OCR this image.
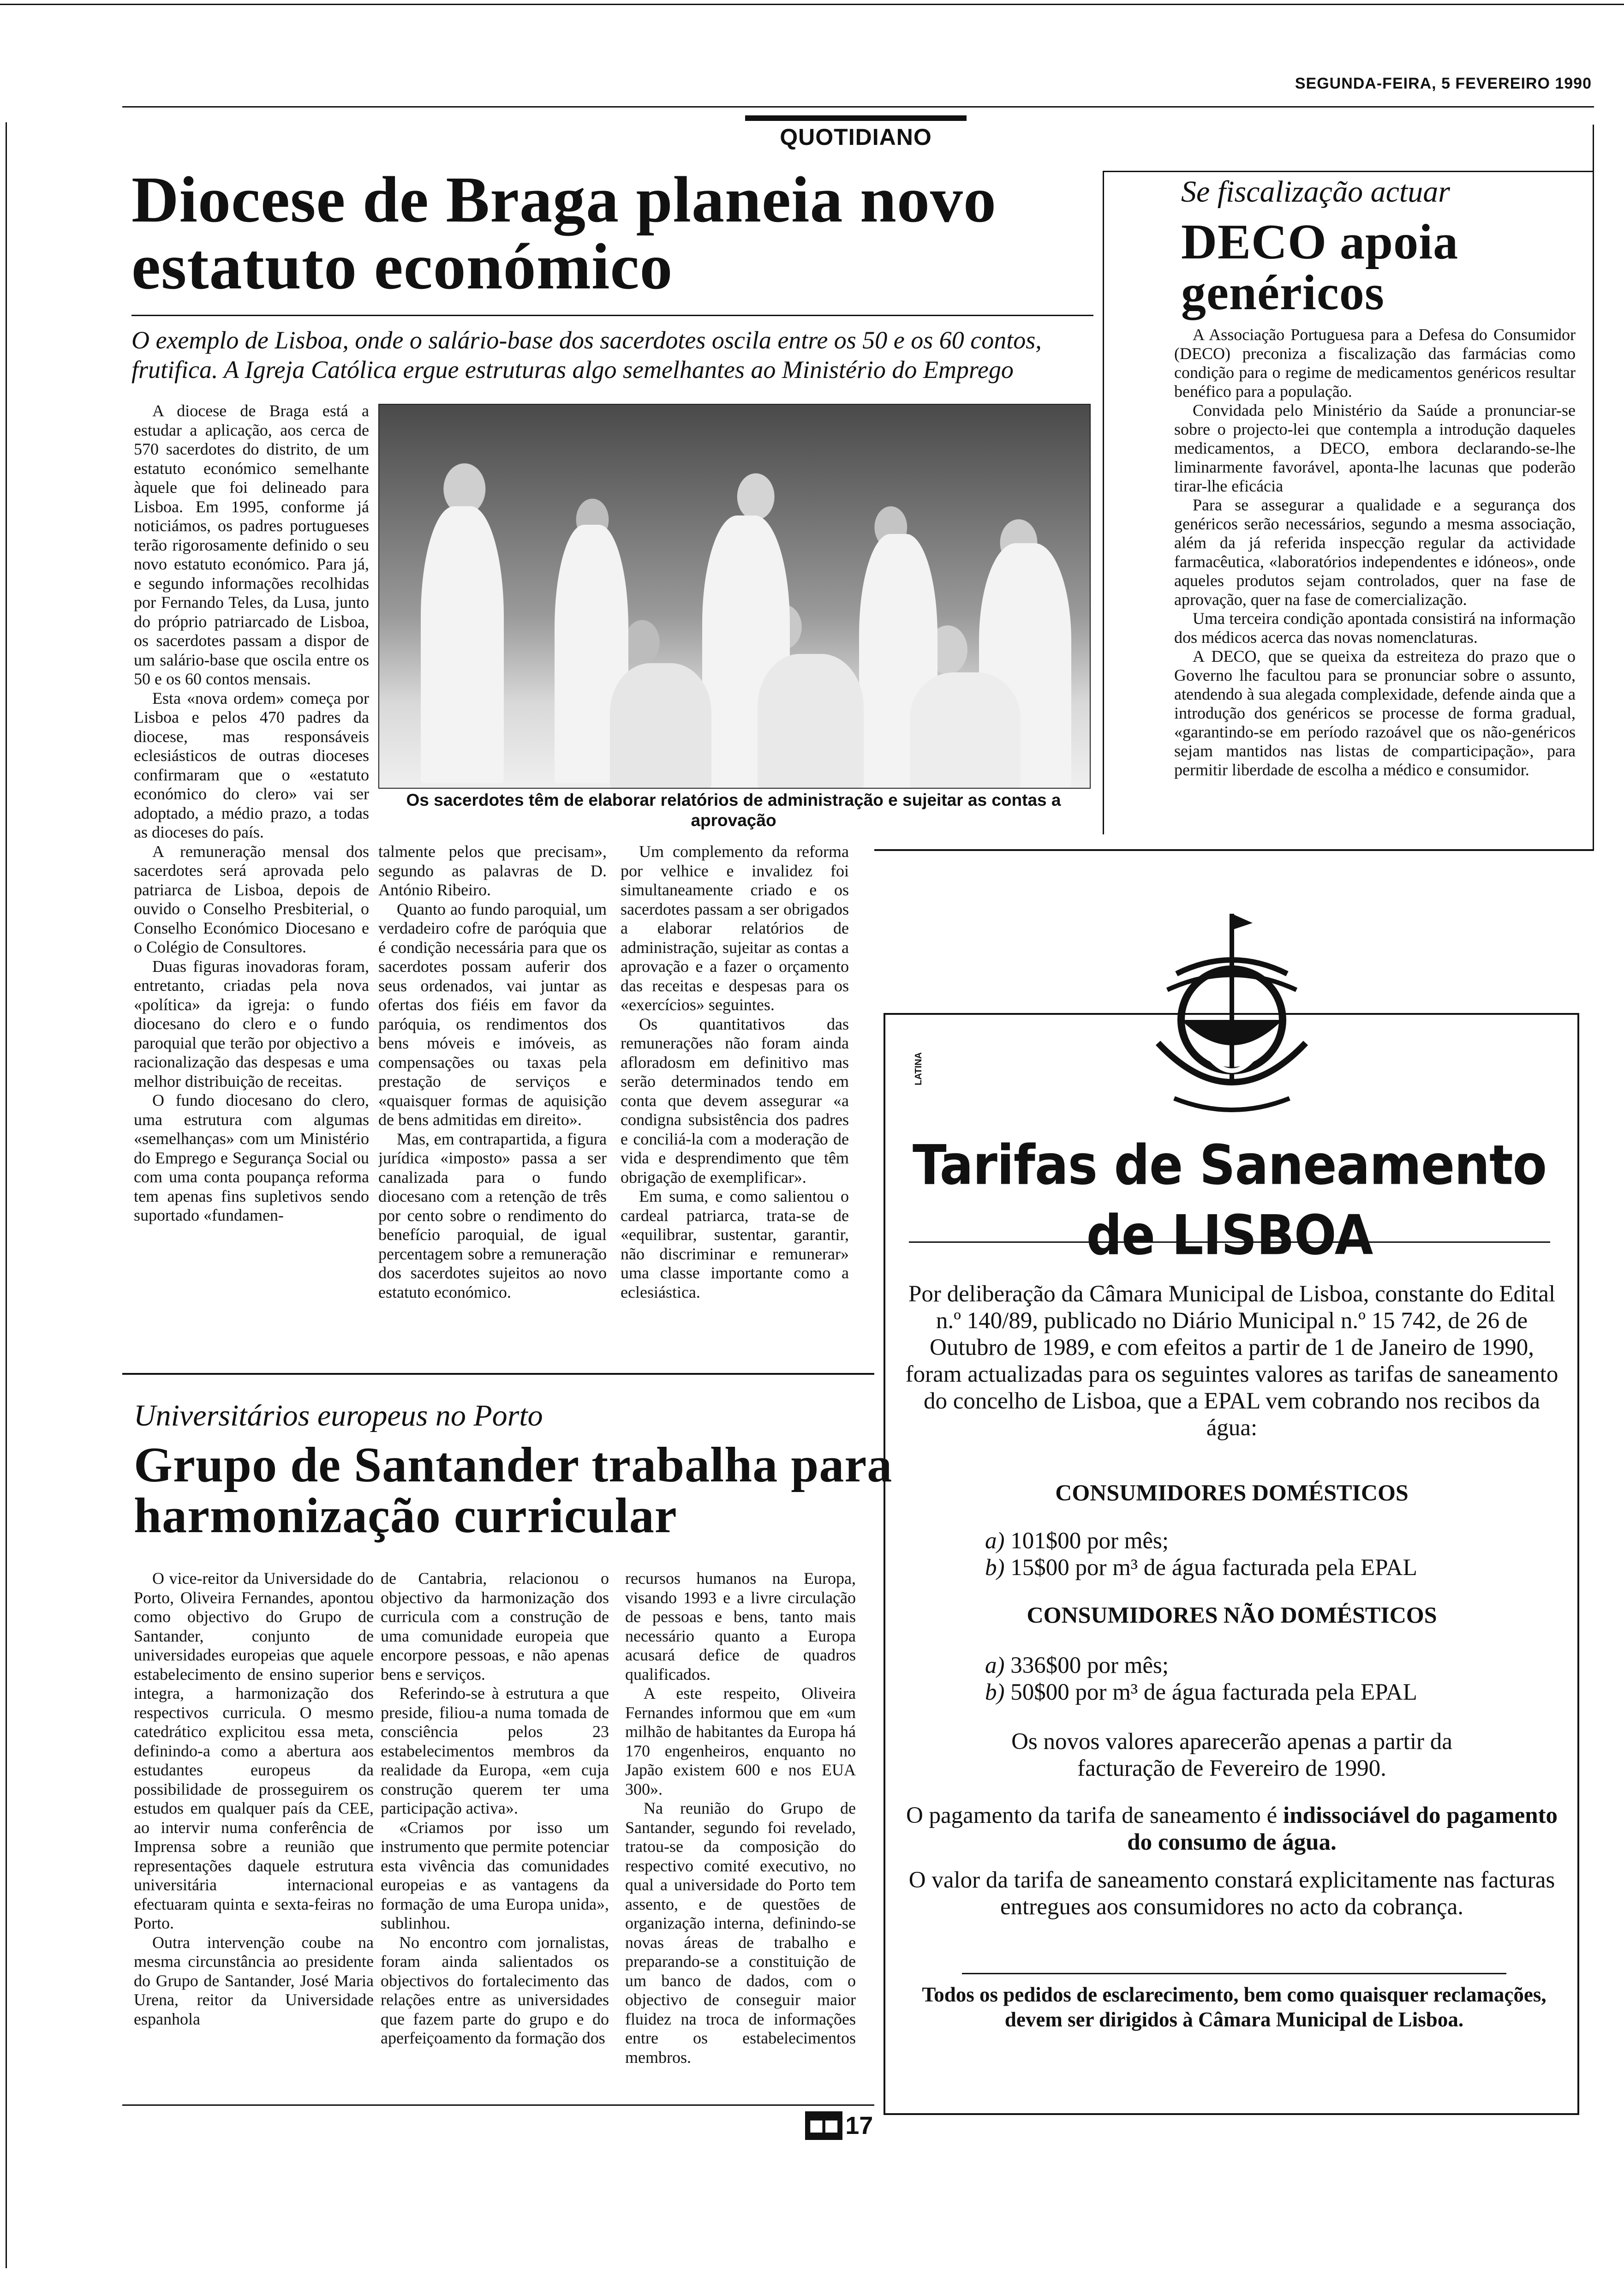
SEGUNDA-FEIRA, 5 FEVEREIRO 1990
QUOTIDIANO
Diocese de Braga planeia novo estatuto económico
O exemplo de Lisboa, onde o salário-base dos sacerdotes oscila entre os 50 e os 60 contos, frutifica. A Igreja Católica ergue estruturas algo semelhantes ao Ministério do Emprego

A diocese de Braga está a estudar a aplicação, aos cerca de 570 sacerdotes do distrito, de um estatuto económico semelhante àquele que foi delineado para Lisboa. Em 1995, conforme já noticiámos, os padres portugueses terão rigorosamente definido o seu novo estatuto económico. Para já, e segundo informações recolhidas por Fernando Teles, da Lusa, junto do próprio patriarcado de Lisboa, os sacerdotes passam a dispor de um salário-base que oscila entre os 50 e os 60 contos mensais.

Esta «nova ordem» começa por Lisboa e pelos 470 padres da diocese, mas responsáveis eclesiásticos de outras dioceses confirmaram que o «estatuto económico do clero» vai ser adoptado, a médio prazo, a todas as dioceses do país.

A remuneração mensal dos sacerdotes será aprovada pelo patriarca de Lisboa, depois de ouvido o Conselho Presbiterial, o Conselho Económico Diocesano e o Colégio de Consultores.

Duas figuras inovadoras foram, entretanto, criadas pela nova «política» da igreja: o fundo diocesano do clero e o fundo paroquial que terão por objectivo a racionalização das despesas e uma melhor distribuição de receitas.

O fundo diocesano do clero, uma estrutura com algumas «semelhanças» com um Ministério do Emprego e Segurança Social ou com uma conta poupança reforma tem apenas fins supletivos sendo suportado «fundamen-

Os sacerdotes têm de elaborar relatórios de administração e sujeitar as contas a aprovação

talmente pelos que precisam», segundo as palavras de D. António Ribeiro.

Quanto ao fundo paroquial, um verdadeiro cofre de paróquia que é condição necessária para que os sacerdotes possam auferir dos seus ordenados, vai juntar as ofertas dos fiéis em favor da paróquia, os rendimentos dos bens móveis e imóveis, as compensações ou taxas pela prestação de serviços e «quaisquer formas de aquisição de bens admitidas em direito».

Mas, em contrapartida, a figura jurídica «imposto» passa a ser canalizada para o fundo diocesano com a retenção de três por cento sobre o rendimento do benefício paroquial, de igual percentagem sobre a remuneração dos sacerdotes sujeitos ao novo estatuto económico.

Um complemento da reforma por velhice e invalidez foi simultaneamente criado e os sacerdotes passam a ser obrigados a elaborar relatórios de administração, sujeitar as contas a aprovação e a fazer o orçamento das receitas e despesas para os «exercícios» seguintes.

Os quantitativos das remunerações não foram ainda afloradosm em definitivo mas serão determinados tendo em conta que devem assegurar «a condigna subsistência dos padres e conciliá-la com a moderação de vida e desprendimento que têm obrigação de exemplificar».

Em suma, e como salientou o cardeal patriarca, trata-se de «equilibrar, sustentar, garantir, não discriminar e remunerar» uma classe importante como a eclesiástica.

Se fiscalização actuar
DECO apoia genéricos

A Associação Portuguesa para a Defesa do Consumidor (DECO) preconiza a fiscalização das farmácias como condição para o regime de medicamentos genéricos resultar benéfico para a população.

Convidada pelo Ministério da Saúde a pronunciar-se sobre o projecto-lei que contempla a introdução daqueles medicamentos, a DECO, embora declarando-se-lhe liminarmente favorável, aponta-lhe lacunas que poderão tirar-lhe eficácia

Para se assegurar a qualidade e a segurança dos genéricos serão necessários, segundo a mesma associação, além da já referida inspecção regular da actividade farmacêutica, «laboratórios independentes e idóneos», onde aqueles produtos sejam controlados, quer na fase de aprovação, quer na fase de comercialização.

Uma terceira condição apontada consistirá na informação dos médicos acerca das novas nomenclaturas.

A DECO, que se queixa da estreiteza do prazo que o Governo lhe facultou para se pronunciar sobre o assunto, atendendo à sua alegada complexidade, defende ainda que a introdução dos genéricos se processe de forma gradual, «garantindo-se em período razoável que os não-genéricos sejam mantidos nas listas de comparticipação», para permitir liberdade de escolha a médico e consumidor.

Universitários europeus no Porto
Grupo de Santander trabalha para harmonização curricular

O vice-reitor da Universidade do Porto, Oliveira Fernandes, apontou como objectivo do Grupo de Santander, conjunto de universidades europeias que aquele estabelecimento de ensino superior integra, a harmonização dos respectivos curricula. O mesmo catedrático explicitou essa meta, definindo-a como a abertura aos estudantes europeus da possibilidade de prosseguirem os estudos em qualquer país da CEE, ao intervir numa conferência de Imprensa sobre a reunião que representações daquele estrutura universitária internacional efectuaram quinta e sexta-feiras no Porto.

Outra intervenção coube na mesma circunstância ao presidente do Grupo de Santander, José Maria Urena, reitor da Universidade espanhola

de Cantabria, relacionou o objectivo da harmonização dos curricula com a construção de uma comunidade europeia que encorpore pessoas, e não apenas bens e serviços.

Referindo-se à estrutura a que preside, filiou-a numa tomada de consciência pelos 23 estabelecimentos membros da realidade da Europa, «em cuja construção querem ter uma participação activa».

«Criamos por isso um instrumento que permite potenciar esta vivência das comunidades europeias e as vantagens da formação de uma Europa unida», sublinhou.

No encontro com jornalistas, foram ainda salientados os objectivos do fortalecimento das relações entre as universidades que fazem parte do grupo e do aperfeiçoamento da formação dos

recursos humanos na Europa, visando 1993 e a livre circulação de pessoas e bens, tanto mais necessário quanto a Europa acusará defice de quadros qualificados.

A este respeito, Oliveira Fernandes informou que em «um milhão de habitantes da Europa há 170 engenheiros, enquanto no Japão existem 600 e nos EUA 300».

Na reunião do Grupo de Santander, segundo foi revelado, tratou-se da composição do respectivo comité executivo, no qual a universidade do Porto tem assento, e de questões de organização interna, definindo-se novas áreas de trabalho e preparando-se a constituição de um banco de dados, com o objectivo de conseguir maior fluidez na troca de informações entre os estabelecimentos membros.

LATINA
Tarifas de Saneamento
de LISBOA
Por deliberação da Câmara Municipal de Lisboa, constante do Edital n.º 140/89, publicado no Diário Municipal n.º 15 742, de 26 de Outubro de 1989, e com efeitos a partir de 1 de Janeiro de 1990, foram actualizadas para os seguintes valores as tarifas de saneamento do concelho de Lisboa, que a EPAL vem cobrando nos recibos da água:
CONSUMIDORES DOMÉSTICOS
a) 101$00 por mês;
b) 15$00 por m³ de água facturada pela EPAL
CONSUMIDORES NÃO DOMÉSTICOS
a) 336$00 por mês;
b) 50$00 por m³ de água facturada pela EPAL
Os novos valores aparecerão apenas a partir da facturação de Fevereiro de 1990.
O pagamento da tarifa de saneamento é indissociável do pagamento do consumo de água.
O valor da tarifa de saneamento constará explicitamente nas facturas entregues aos consumidores no acto da cobrança.
Todos os pedidos de esclarecimento, bem como quaisquer reclamações, devem ser dirigidos à Câmara Municipal de Lisboa.
■■ 17
